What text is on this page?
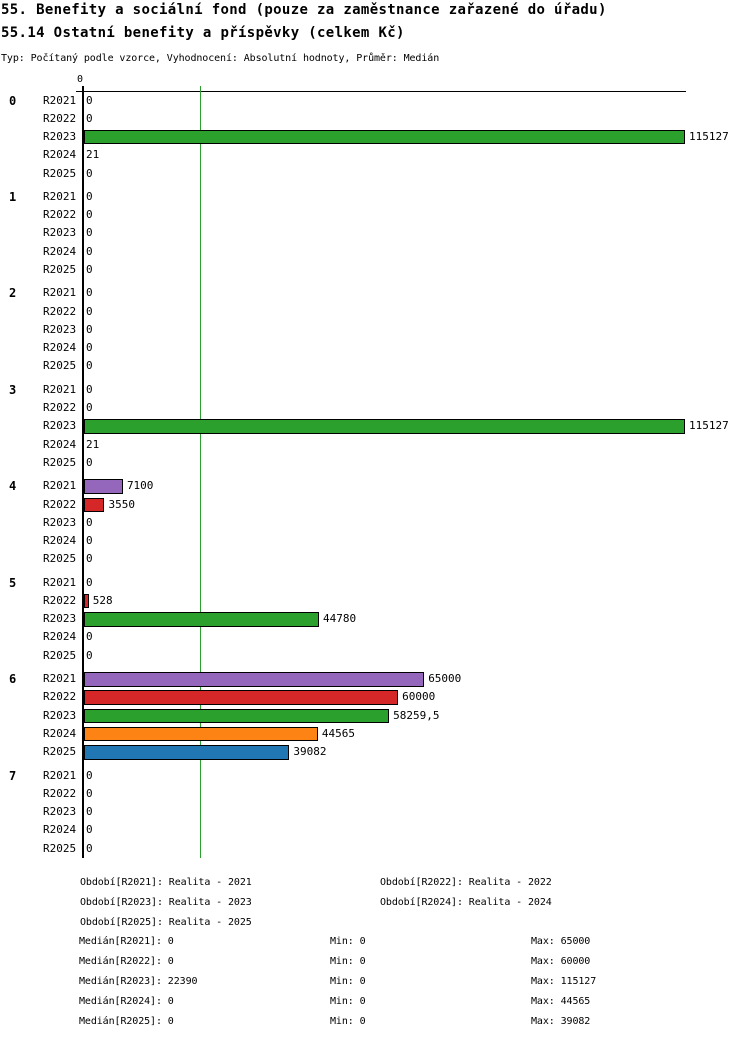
55. Benefity a sociální fond (pouze za zaměstnance zařazené do úřadu)
55.14 Ostatní benefity a příspěvky (celkem Kč)
Typ: Počítaný podle vzorce, Vyhodnocení: Absolutní hodnoty, Průměr: Medián
0
0 R2021 0
R2022 0
R2023	115127
R2024 21
R2025 0
1 R2021 0
R2022 0
R2023 0
R2024 0
R2025 0
2 R2021 0
R2022 0
R2023 0
R2024 0
R2025 0
3 R2021 0
R2022 0
R2023	115127
R2024 21
R2025 0
4 R2021	7100
R2022	3550
R2023 0
R2024 0
R2025 0
5 R2021 0
R2022 528
R2023	44780
R2024 0
R2025 0
6 R2021	65000
R2022	60000
R2023	58259,5
R2024	44565
R2025	39082
7 R2021 0
R2022 0
R2023 0
R2024 0
R2025 0
Období[R2021]: Realita - 2021	Období[R2022]: Realita - 2022
Období[R2023]: Realita - 2023	Období[R2024]: Realita - 2024
Období[R2025]: Realita - 2025
Medián[R2021]: 0	Min: 0	Max: 65000
Medián[R2022]: 0	Min: 0	Max: 60000
Medián[R2023]: 22390	Min: 0	Max: 115127
Medián[R2024]: 0	Min: 0	Max: 44565
Medián[R2025]: 0	Min: 0	Max: 39082
